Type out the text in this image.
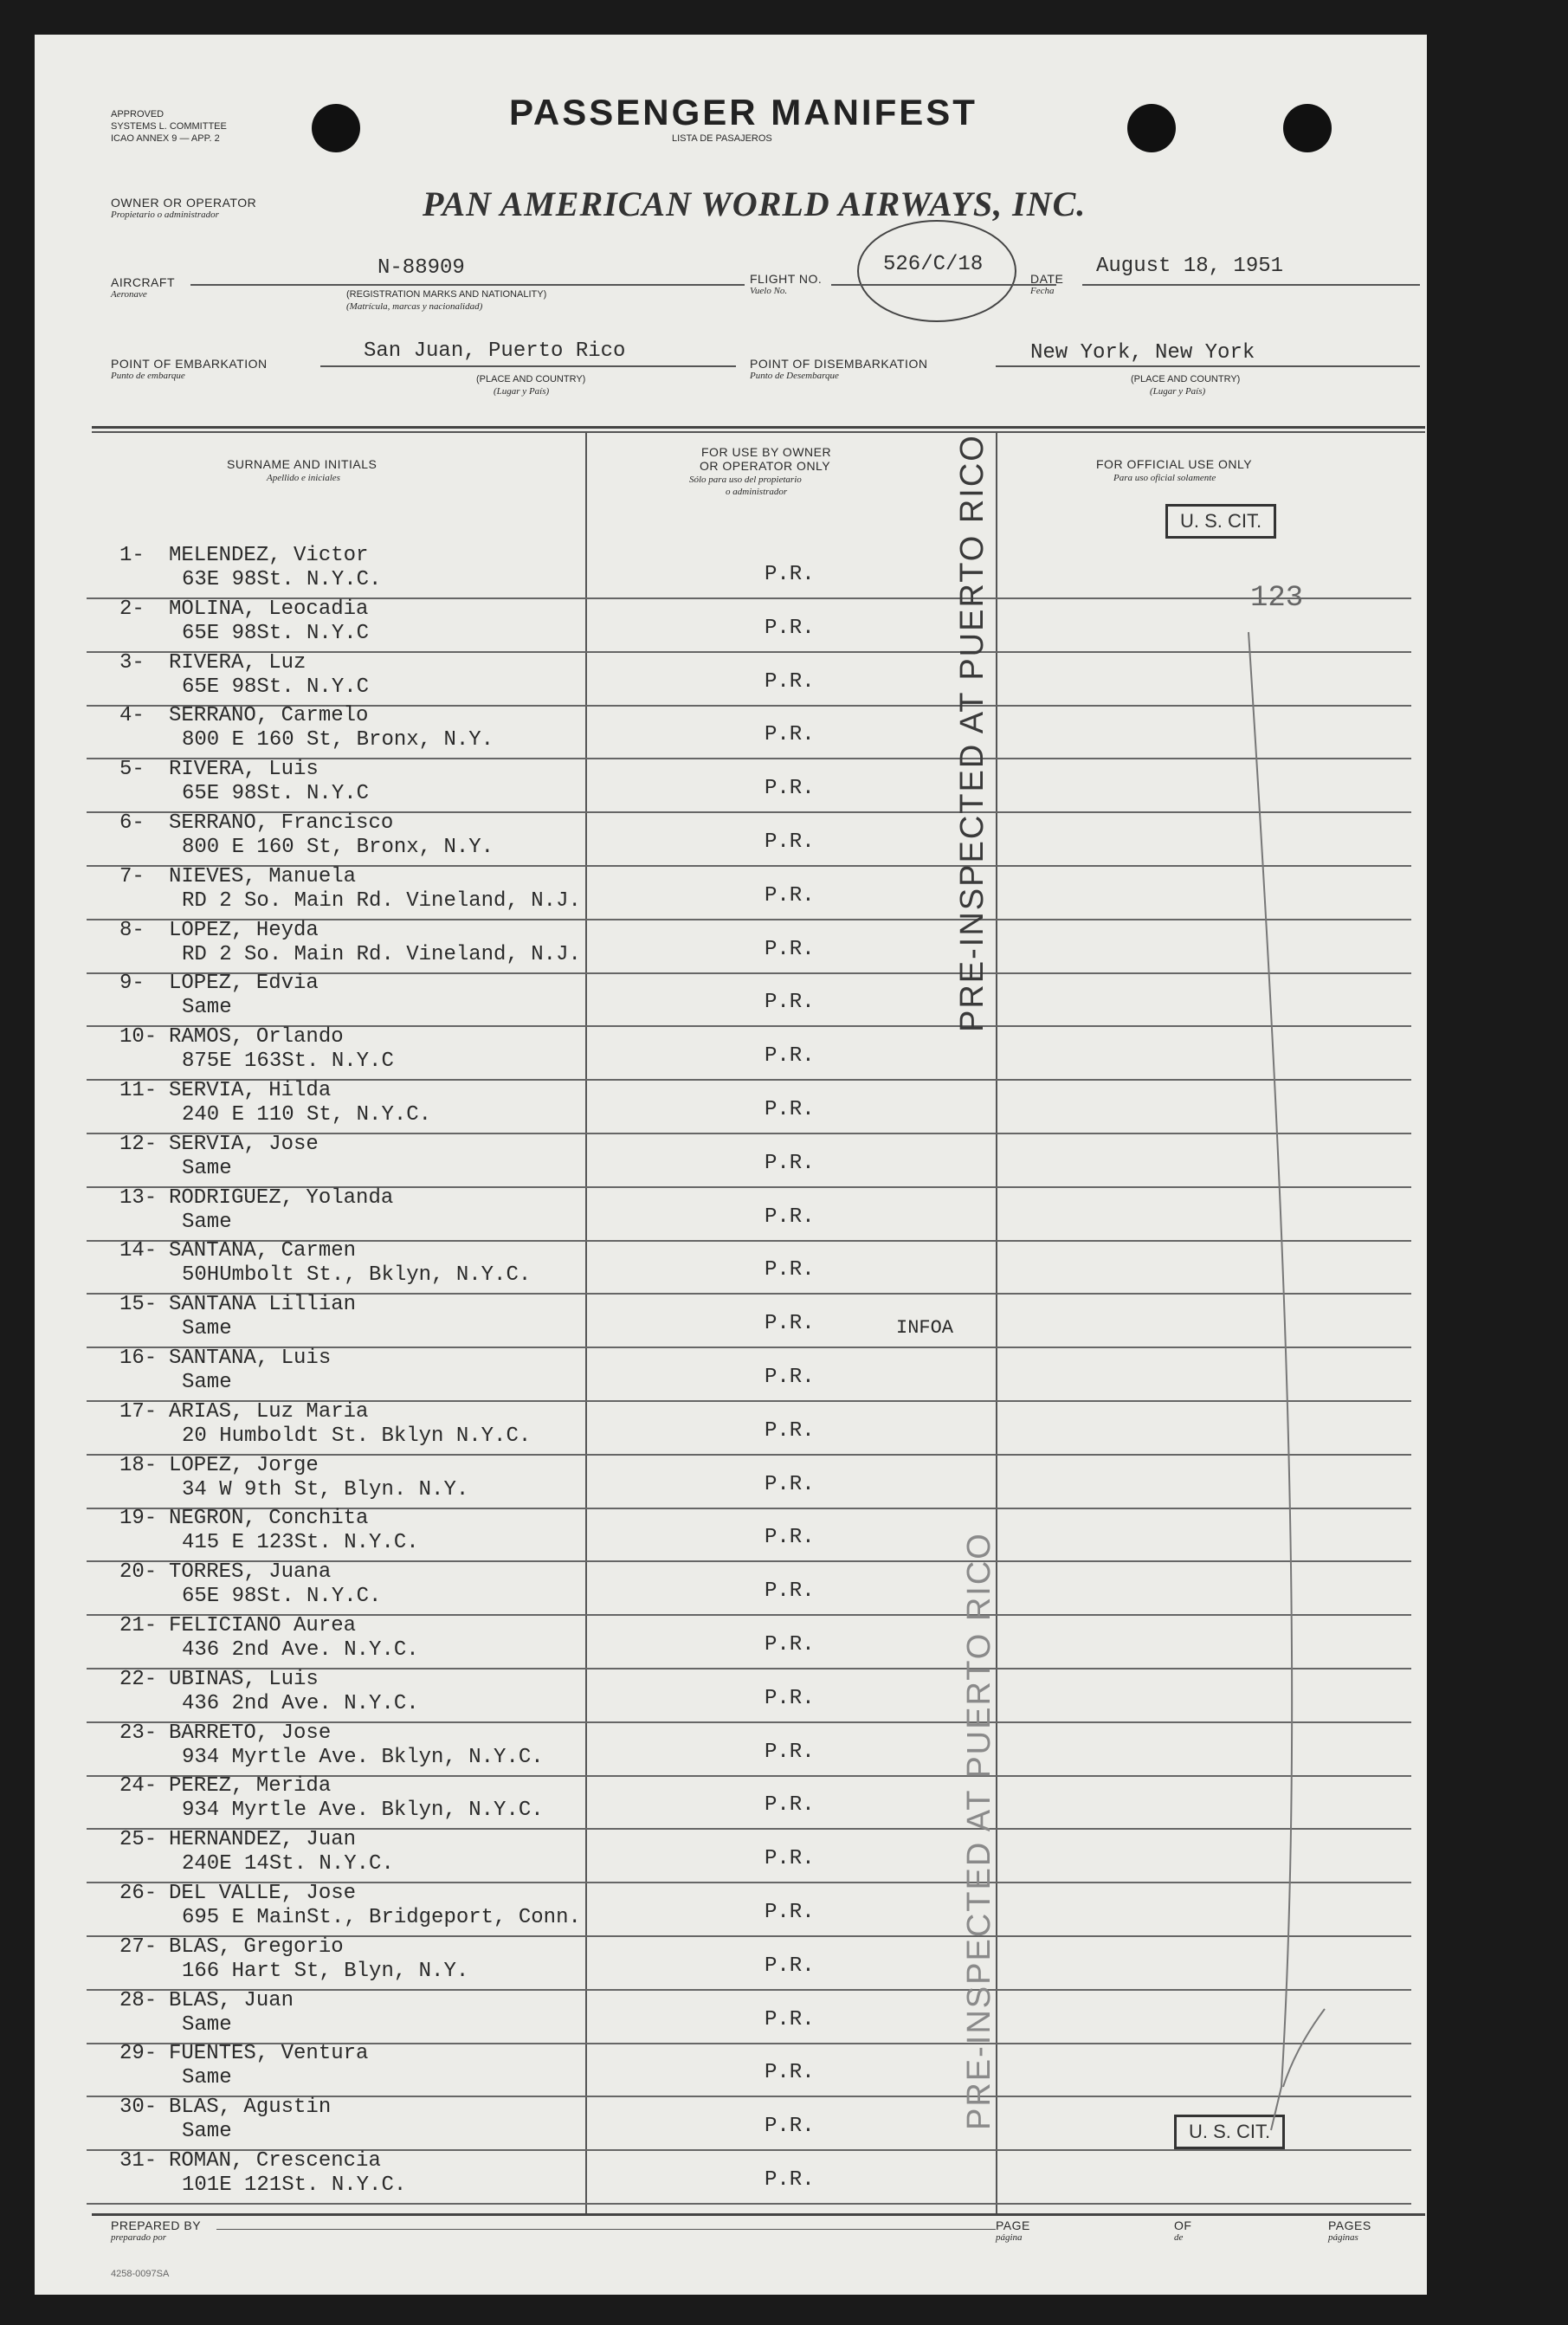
APPROVED
SYSTEMS L. COMMITTEE
ICAO ANNEX 9 — APP. 2
PASSENGER MANIFEST
LISTA DE PASAJEROS
OWNER OR OPERATOR
Propietario o administrador	PAN AMERICAN WORLD AIRWAYS, INC.
AIRCRAFT
Aeronave
N-88909
(REGISTRATION MARKS AND NATIONALITY)
(Matrícula, marcas y nacionalidad)
FLIGHT NO.
Vuelo No.
526/C/18
DATE
Fecha
August 18, 1951
POINT OF EMBARKATION
Punto de embarque
San Juan, Puerto Rico
(PLACE AND COUNTRY)
(Lugar y País)
POINT OF DISEMBARKATION
Punto de Desembarque
New York, New York
(PLACE AND COUNTRY)
(Lugar y País)
SURNAME AND INITIALS
Apellido e iniciales
FOR USE BY OWNER
OR OPERATOR ONLY
Sólo para uso del propietario
o administrador
FOR OFFICIAL USE ONLY
Para uso oficial solamente
1- MELENDEZ, Victor
63E 98St. N.Y.C.	P.R.
2- MOLINA, Leocadia
65E 98St. N.Y.C	P.R.
3- RIVERA, Luz
65E 98St. N.Y.C	P.R.
4- SERRANO, Carmelo
800 E 160 St, Bronx, N.Y.	P.R.
5- RIVERA, Luis
65E 98St. N.Y.C	P.R.
6- SERRANO, Francisco
800 E 160 St, Bronx, N.Y.	P.R.
7- NIEVES, Manuela
RD 2 So. Main Rd. Vineland, N.J.	P.R.
8- LOPEZ, Heyda
RD 2 So. Main Rd. Vineland, N.J.	P.R.
9- LOPEZ, Edvia
Same	P.R.
10- RAMOS, Orlando
875E 163St. N.Y.C	P.R.
11- SERVIA, Hilda
240 E 110 St, N.Y.C.	P.R.
12- SERVIA, Jose
Same	P.R.
13- RODRIGUEZ, Yolanda
Same	P.R.
14- SANTANA, Carmen
50HUmbolt St., Bklyn, N.Y.C.	P.R.
15- SANTANA Lillian
Same	P.R.	INFOA
16- SANTANA, Luis
Same	P.R.
17- ARIAS, Luz Maria
20 Humboldt St. Bklyn N.Y.C.	P.R.
18- LOPEZ, Jorge
34 W 9th St, Blyn. N.Y.	P.R.
19- NEGRON, Conchita
415 E 123St. N.Y.C.	P.R.
20- TORRES, Juana
65E 98St. N.Y.C.	P.R.
21- FELICIANO Aurea
436 2nd Ave. N.Y.C.	P.R.
22- UBINAS, Luis
436 2nd Ave. N.Y.C.	P.R.
23- BARRETO, Jose
934 Myrtle Ave. Bklyn, N.Y.C.	P.R.
24- PEREZ, Merida
934 Myrtle Ave. Bklyn, N.Y.C.	P.R.
25- HERNANDEZ, Juan
240E 14St. N.Y.C.	P.R.
26- DEL VALLE, Jose
695 E MainSt., Bridgeport, Conn.	P.R.
27- BLAS, Gregorio
166 Hart St, Blyn, N.Y.	P.R.
28- BLAS, Juan
Same	P.R.
29- FUENTES, Ventura
Same	P.R.
30- BLAS, Agustin
Same	P.R.
31- ROMAN, Crescencia
101E 121St. N.Y.C.	P.R.
PRE-INSPECTED AT PUERTO RICO
PRE-INSPECTED AT PUERTO RICO
U. S. CIT.
U. S. CIT.
123
PREPARED BY
preparado por
PAGE
página
OF
de
PAGES
páginas
4258-0097SA
